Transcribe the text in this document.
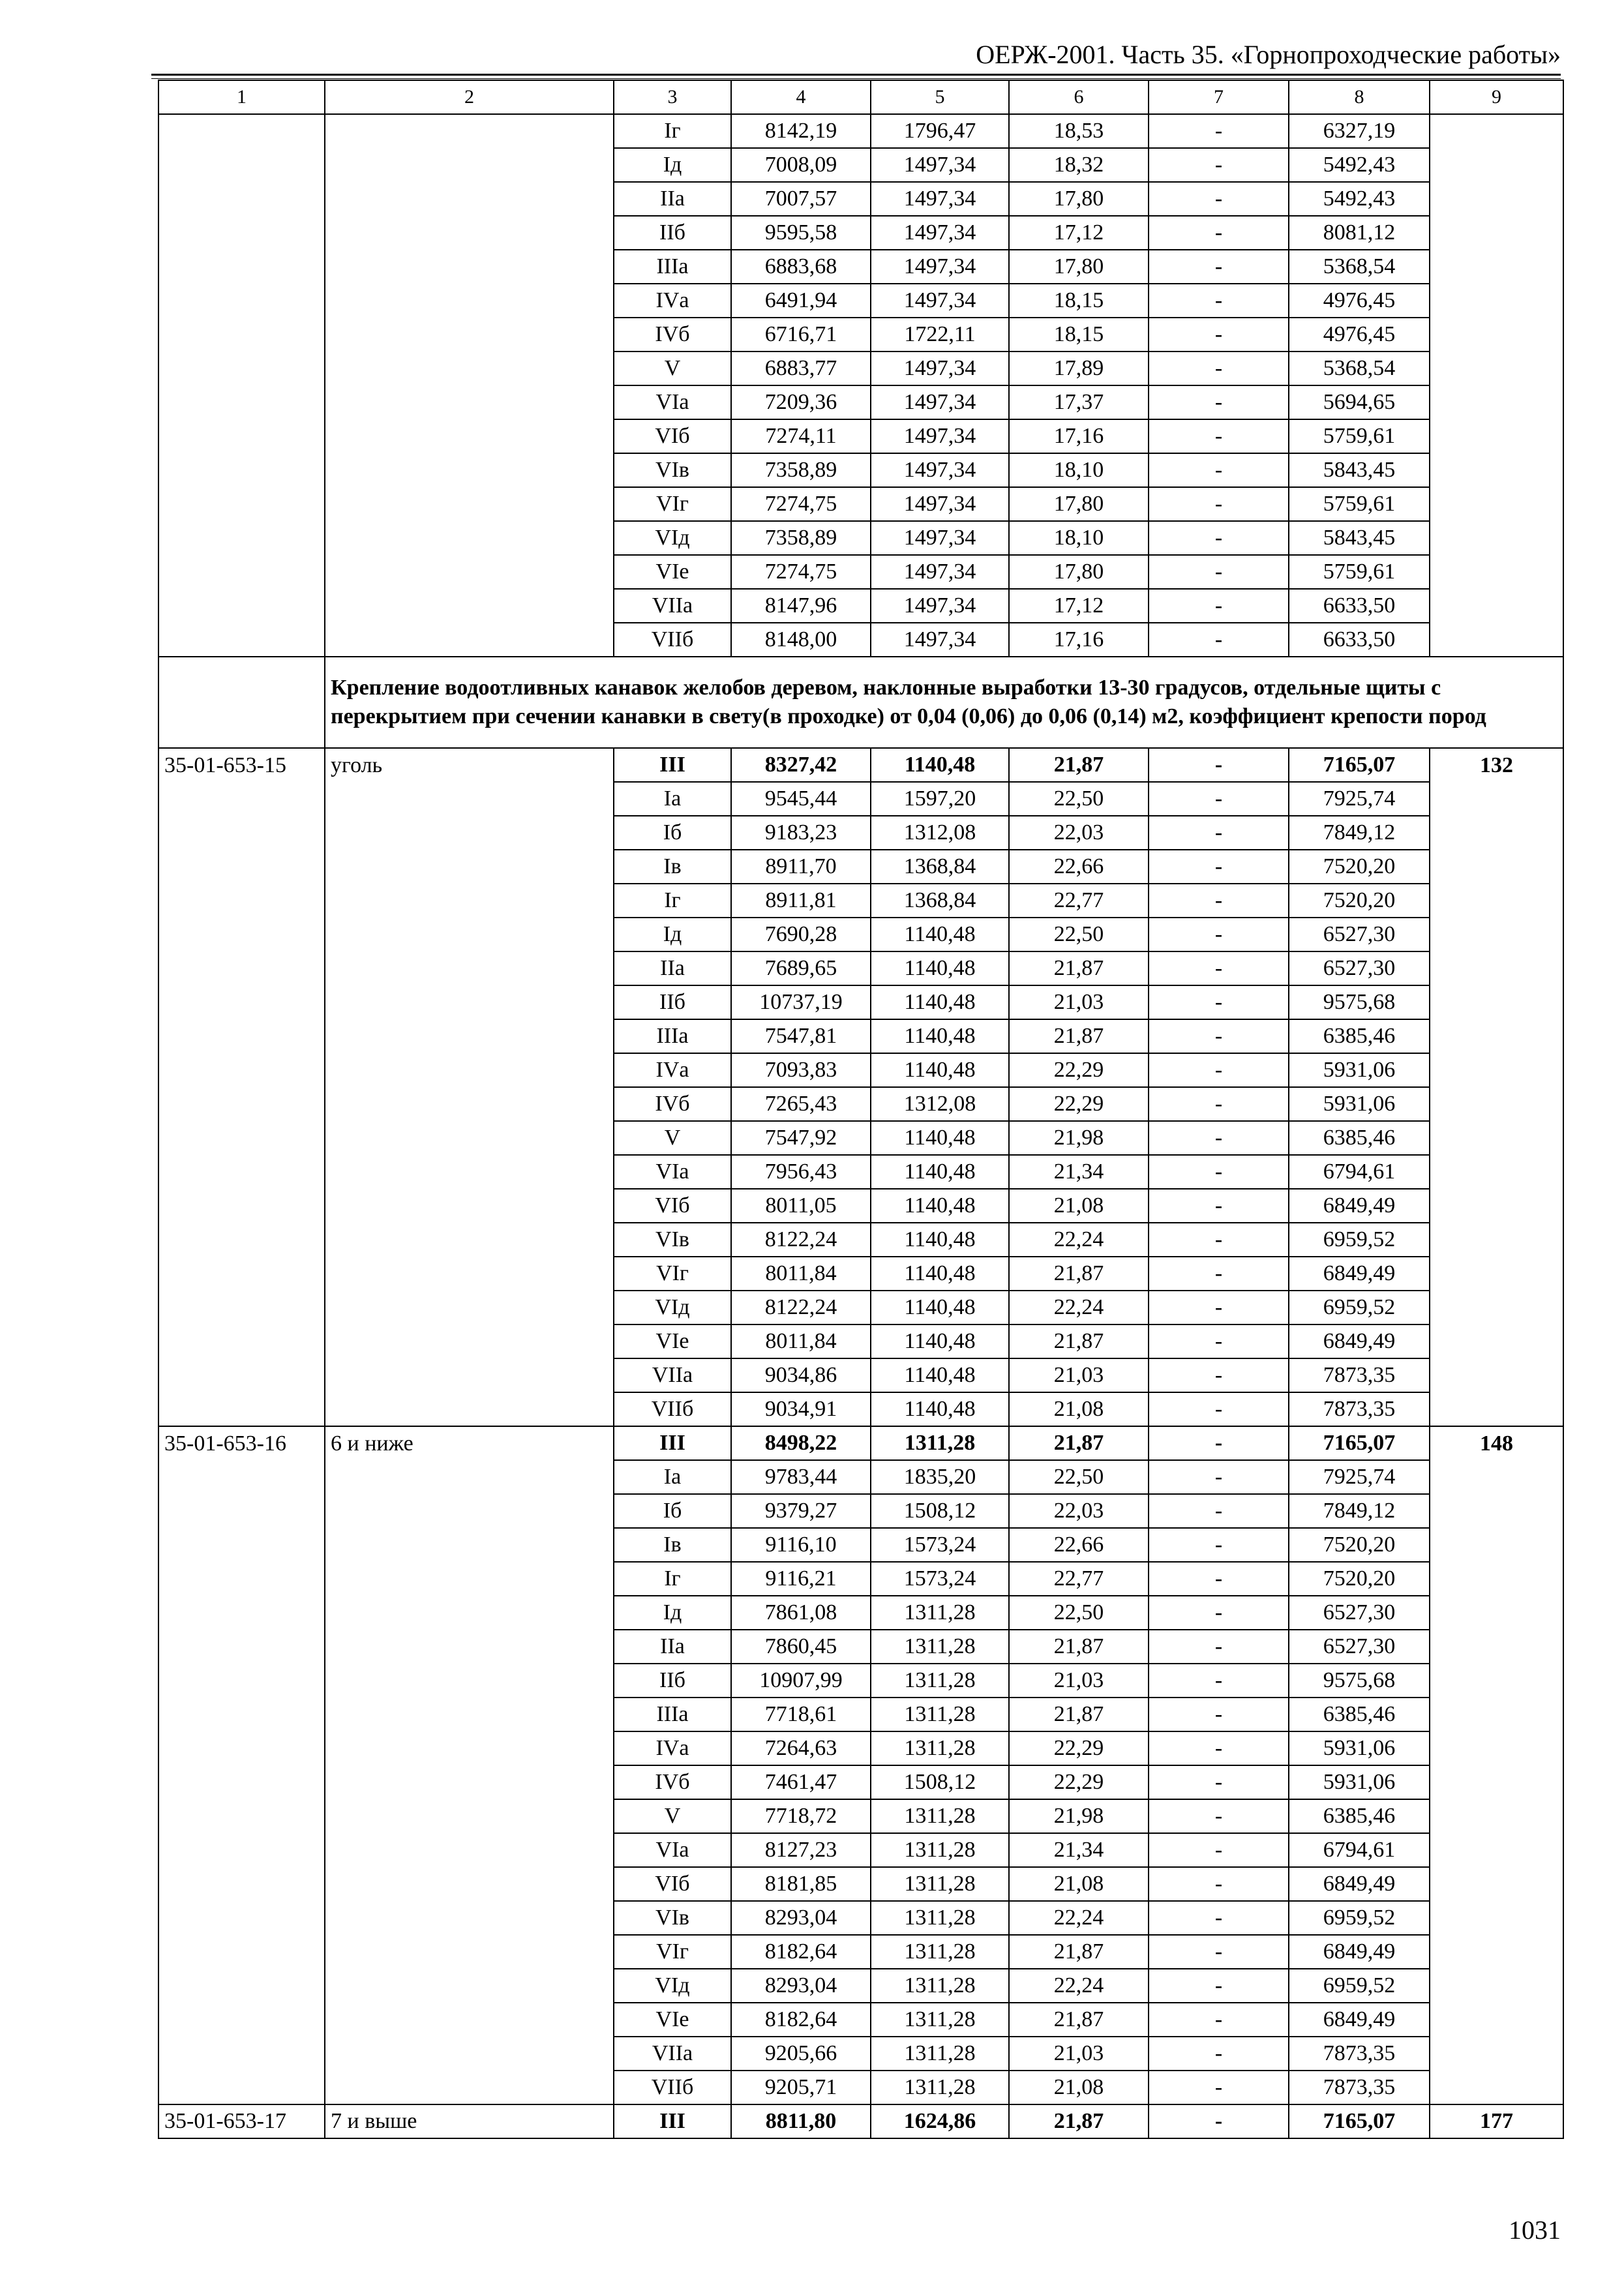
ОЕРЖ-2001. Часть 35. «Горнопроходческие работы»
1	2	3	4	5	6	7	8	9
		Iг	8142,19	1796,47	18,53	-	6327,19	
		Iд	7008,09	1497,34	18,32	-	5492,43	
		IIа	7007,57	1497,34	17,80	-	5492,43	
		IIб	9595,58	1497,34	17,12	-	8081,12	
		IIIа	6883,68	1497,34	17,80	-	5368,54	
		IVа	6491,94	1497,34	18,15	-	4976,45	
		IVб	6716,71	1722,11	18,15	-	4976,45	
		V	6883,77	1497,34	17,89	-	5368,54	
		VIа	7209,36	1497,34	17,37	-	5694,65	
		VIб	7274,11	1497,34	17,16	-	5759,61	
		VIв	7358,89	1497,34	18,10	-	5843,45	
		VIг	7274,75	1497,34	17,80	-	5759,61	
		VIд	7358,89	1497,34	18,10	-	5843,45	
		VIе	7274,75	1497,34	17,80	-	5759,61	
		VIIа	8147,96	1497,34	17,12	-	6633,50	
		VIIб	8148,00	1497,34	17,16	-	6633,50	
	Крепление водоотливных канавок желобов деревом, наклонные выработки 13-30 градусов, отдельные щиты с перекрытием при сечении канавки в свету(в проходке) от 0,04 (0,06) до 0,06 (0,14) м2, коэффициент крепости пород							
35-01-653-15	уголь	III	8327,42	1140,48	21,87	-	7165,07	132
		Iа	9545,44	1597,20	22,50	-	7925,74	
		Iб	9183,23	1312,08	22,03	-	7849,12	
		Iв	8911,70	1368,84	22,66	-	7520,20	
		Iг	8911,81	1368,84	22,77	-	7520,20	
		Iд	7690,28	1140,48	22,50	-	6527,30	
		IIа	7689,65	1140,48	21,87	-	6527,30	
		IIб	10737,19	1140,48	21,03	-	9575,68	
		IIIа	7547,81	1140,48	21,87	-	6385,46	
		IVа	7093,83	1140,48	22,29	-	5931,06	
		IVб	7265,43	1312,08	22,29	-	5931,06	
		V	7547,92	1140,48	21,98	-	6385,46	
		VIа	7956,43	1140,48	21,34	-	6794,61	
		VIб	8011,05	1140,48	21,08	-	6849,49	
		VIв	8122,24	1140,48	22,24	-	6959,52	
		VIг	8011,84	1140,48	21,87	-	6849,49	
		VIд	8122,24	1140,48	22,24	-	6959,52	
		VIе	8011,84	1140,48	21,87	-	6849,49	
		VIIа	9034,86	1140,48	21,03	-	7873,35	
		VIIб	9034,91	1140,48	21,08	-	7873,35	
35-01-653-16	6 и ниже	III	8498,22	1311,28	21,87	-	7165,07	148
		Iа	9783,44	1835,20	22,50	-	7925,74	
		Iб	9379,27	1508,12	22,03	-	7849,12	
		Iв	9116,10	1573,24	22,66	-	7520,20	
		Iг	9116,21	1573,24	22,77	-	7520,20	
		Iд	7861,08	1311,28	22,50	-	6527,30	
		IIа	7860,45	1311,28	21,87	-	6527,30	
		IIб	10907,99	1311,28	21,03	-	9575,68	
		IIIа	7718,61	1311,28	21,87	-	6385,46	
		IVа	7264,63	1311,28	22,29	-	5931,06	
		IVб	7461,47	1508,12	22,29	-	5931,06	
		V	7718,72	1311,28	21,98	-	6385,46	
		VIа	8127,23	1311,28	21,34	-	6794,61	
		VIб	8181,85	1311,28	21,08	-	6849,49	
		VIв	8293,04	1311,28	22,24	-	6959,52	
		VIг	8182,64	1311,28	21,87	-	6849,49	
		VIд	8293,04	1311,28	22,24	-	6959,52	
		VIе	8182,64	1311,28	21,87	-	6849,49	
		VIIа	9205,66	1311,28	21,03	-	7873,35	
		VIIб	9205,71	1311,28	21,08	-	7873,35	
35-01-653-17	7 и выше	III	8811,80	1624,86	21,87	-	7165,07	177
1031
